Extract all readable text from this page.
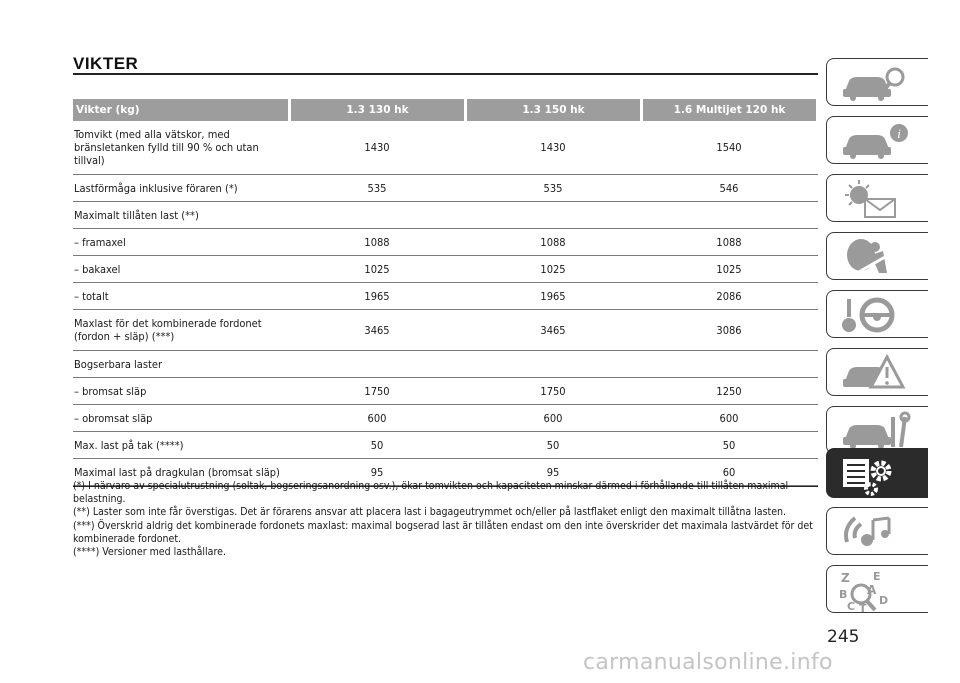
VIKTER
Vikter (kg)	1.3 130 hk	1.3 150 hk	1.6 Multijet 120 hk
Tomvikt (med alla vätskor, med bränsletanken fylld till 90 % och utan tillval)
1430	1430	1540
Lastförmåga inklusive föraren (*)	535	535	546
Maximalt tillåten last (**)
– framaxel	1088	1088	1088
– bakaxel	1025	1025	1025
– totalt	1965	1965	2086
Maxlast för det kombinerade fordonet (fordon + släp) (***)	3465	3465	3086
Bogserbara laster
– bromsat släp	1750	1750	1250
– obromsat släp	600	600	600
Max. last på tak (****)	50	50	50
Maximal last på dragkulan (bromsat släp)	95	95	60

(*) I närvaro av specialutrustning (soltak, bogseringsanordning osv.), ökar tomvikten och kapaciteten minskar därmed i förhållande till tillåten maximal belastning.

(**) Laster som inte får överstigas. Det är förarens ansvar att placera last i bagageutrymmet och/eller på lastflaket enligt den maximalt tillåtna lasten.

(***) Överskrid aldrig det kombinerade fordonets maxlast: maximal bogserad last är tillåten endast om den inte överskrider det maximala lastvärdet för det kombinerade fordonet.

(****) Versioner med lasthållare.

i
Z E
B A
D
C T
245
carmanualsonline.info
